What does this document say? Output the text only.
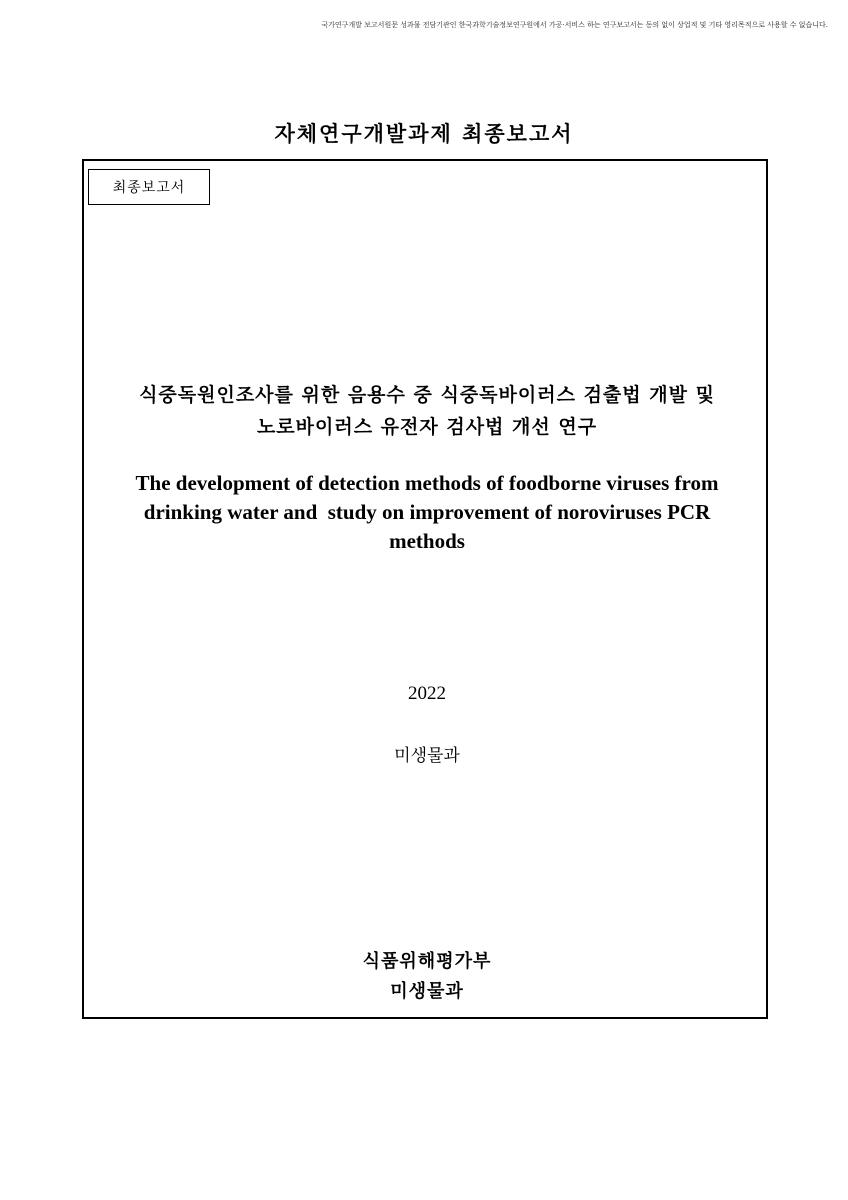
국가연구개발 보고서원문 성과물 전담기관인 한국과학기술정보연구원에서 가공·서비스 하는 연구보고서는 동의 없이 상업적 및 기타 영리목적으로 사용할 수 없습니다.
자체연구개발과제 최종보고서
최종보고서
식중독원인조사를 위한 음용수 중 식중독바이러스 검출법 개발 및
노로바이러스 유전자 검사법 개선 연구
The development of detection methods of foodborne viruses from
drinking water and  study on improvement of noroviruses PCR
methods
2022
미생물과
식품위해평가부
미생물과
